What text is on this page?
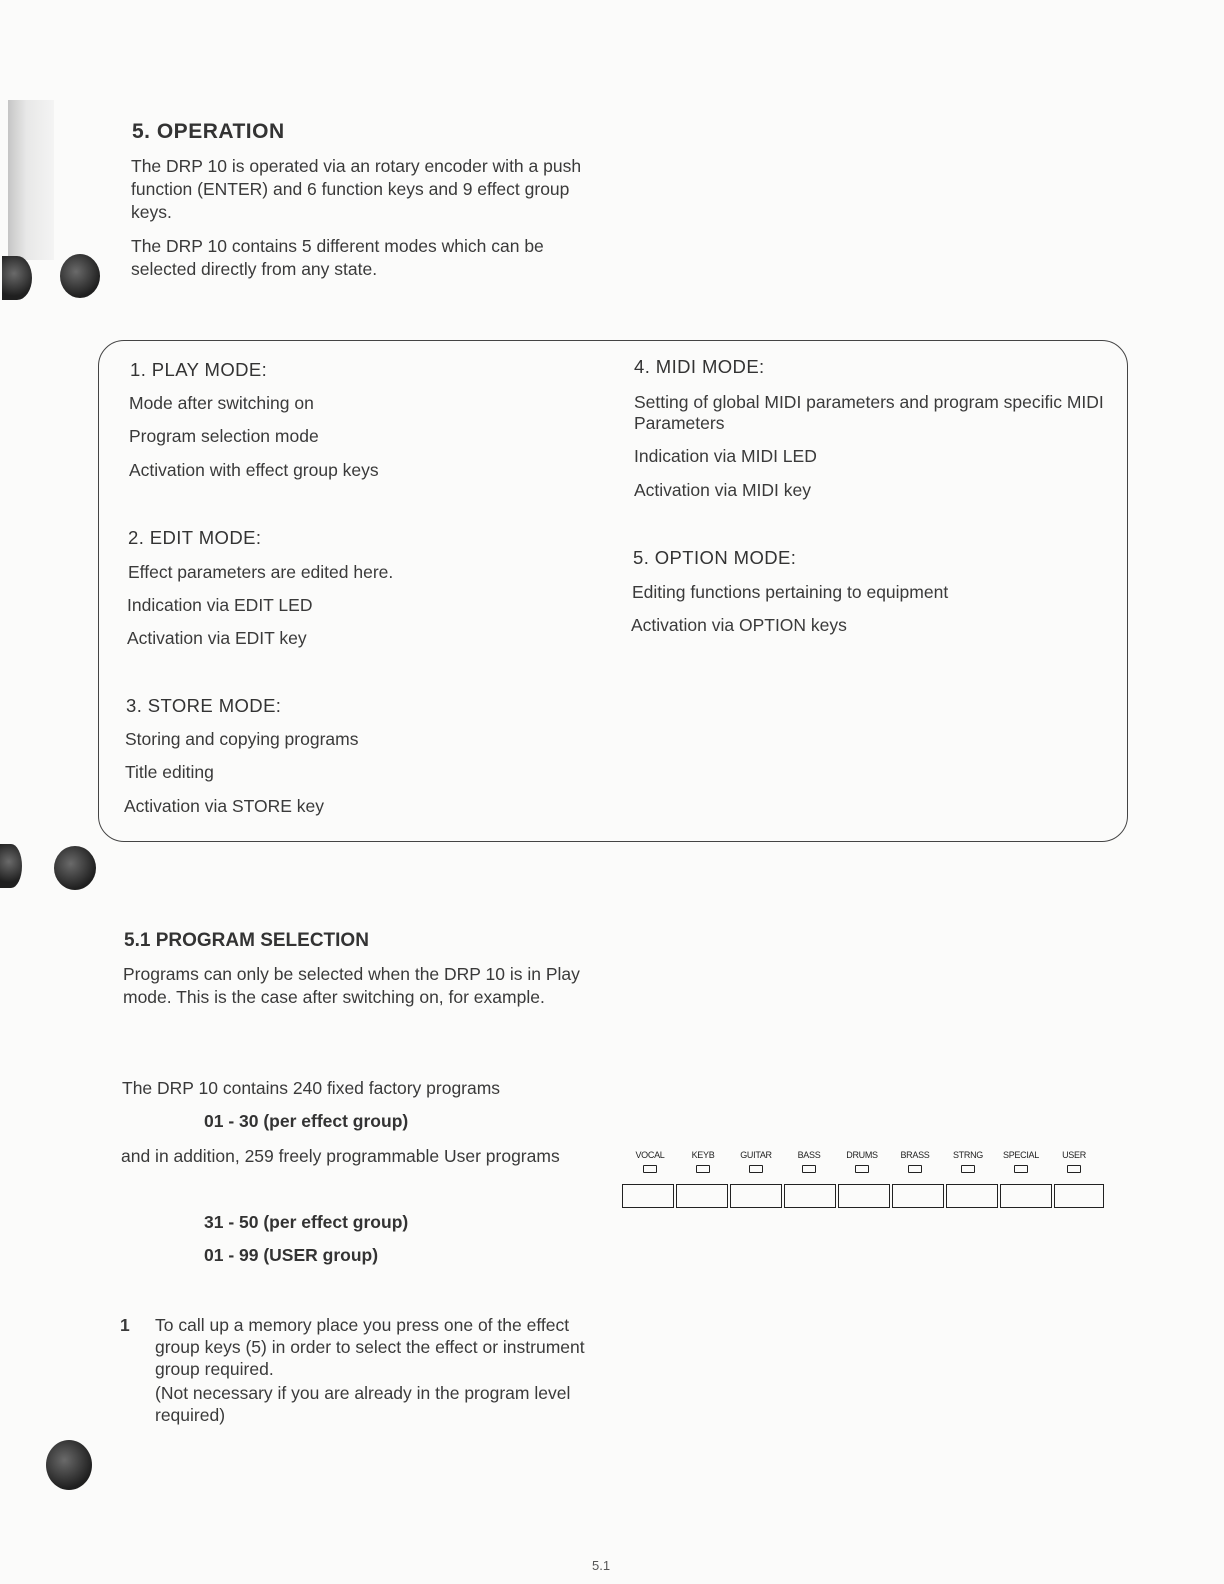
5. OPERATION
The DRP 10 is operated via an rotary encoder with a push function (ENTER) and 6 function keys and 9 effect group keys.
The DRP 10 contains 5 different modes which can be selected directly from any state.
1. PLAY MODE:
Mode after switching on
Program selection mode
Activation with effect group keys
2. EDIT MODE:
Effect parameters are edited here.
Indication via EDIT LED
Activation via EDIT key
3. STORE MODE:
Storing and copying programs
Title editing
Activation via STORE key
4. MIDI MODE:
Setting of global MIDI parameters and program specific MIDI Parameters
Indication via MIDI LED
Activation via MIDI key
5. OPTION MODE:
Editing functions pertaining to equipment
Activation via OPTION keys
5.1 PROGRAM SELECTION
Programs can only be selected when the DRP 10 is in Play mode. This is the case after switching on, for example.
The DRP 10 contains 240 fixed factory programs
01 - 30 (per effect group)
and in addition, 259 freely programmable User programs
31 - 50 (per effect group)
01 - 99 (USER group)
1 To call up a memory place you press one of the effect group keys (5) in order to select the effect or instrument group required.
(Not necessary if you are already in the program level required)
VOCAL	KEYB	GUITAR	BASS	DRUMS	BRASS	STRNG	SPECIAL	USER
5.1
